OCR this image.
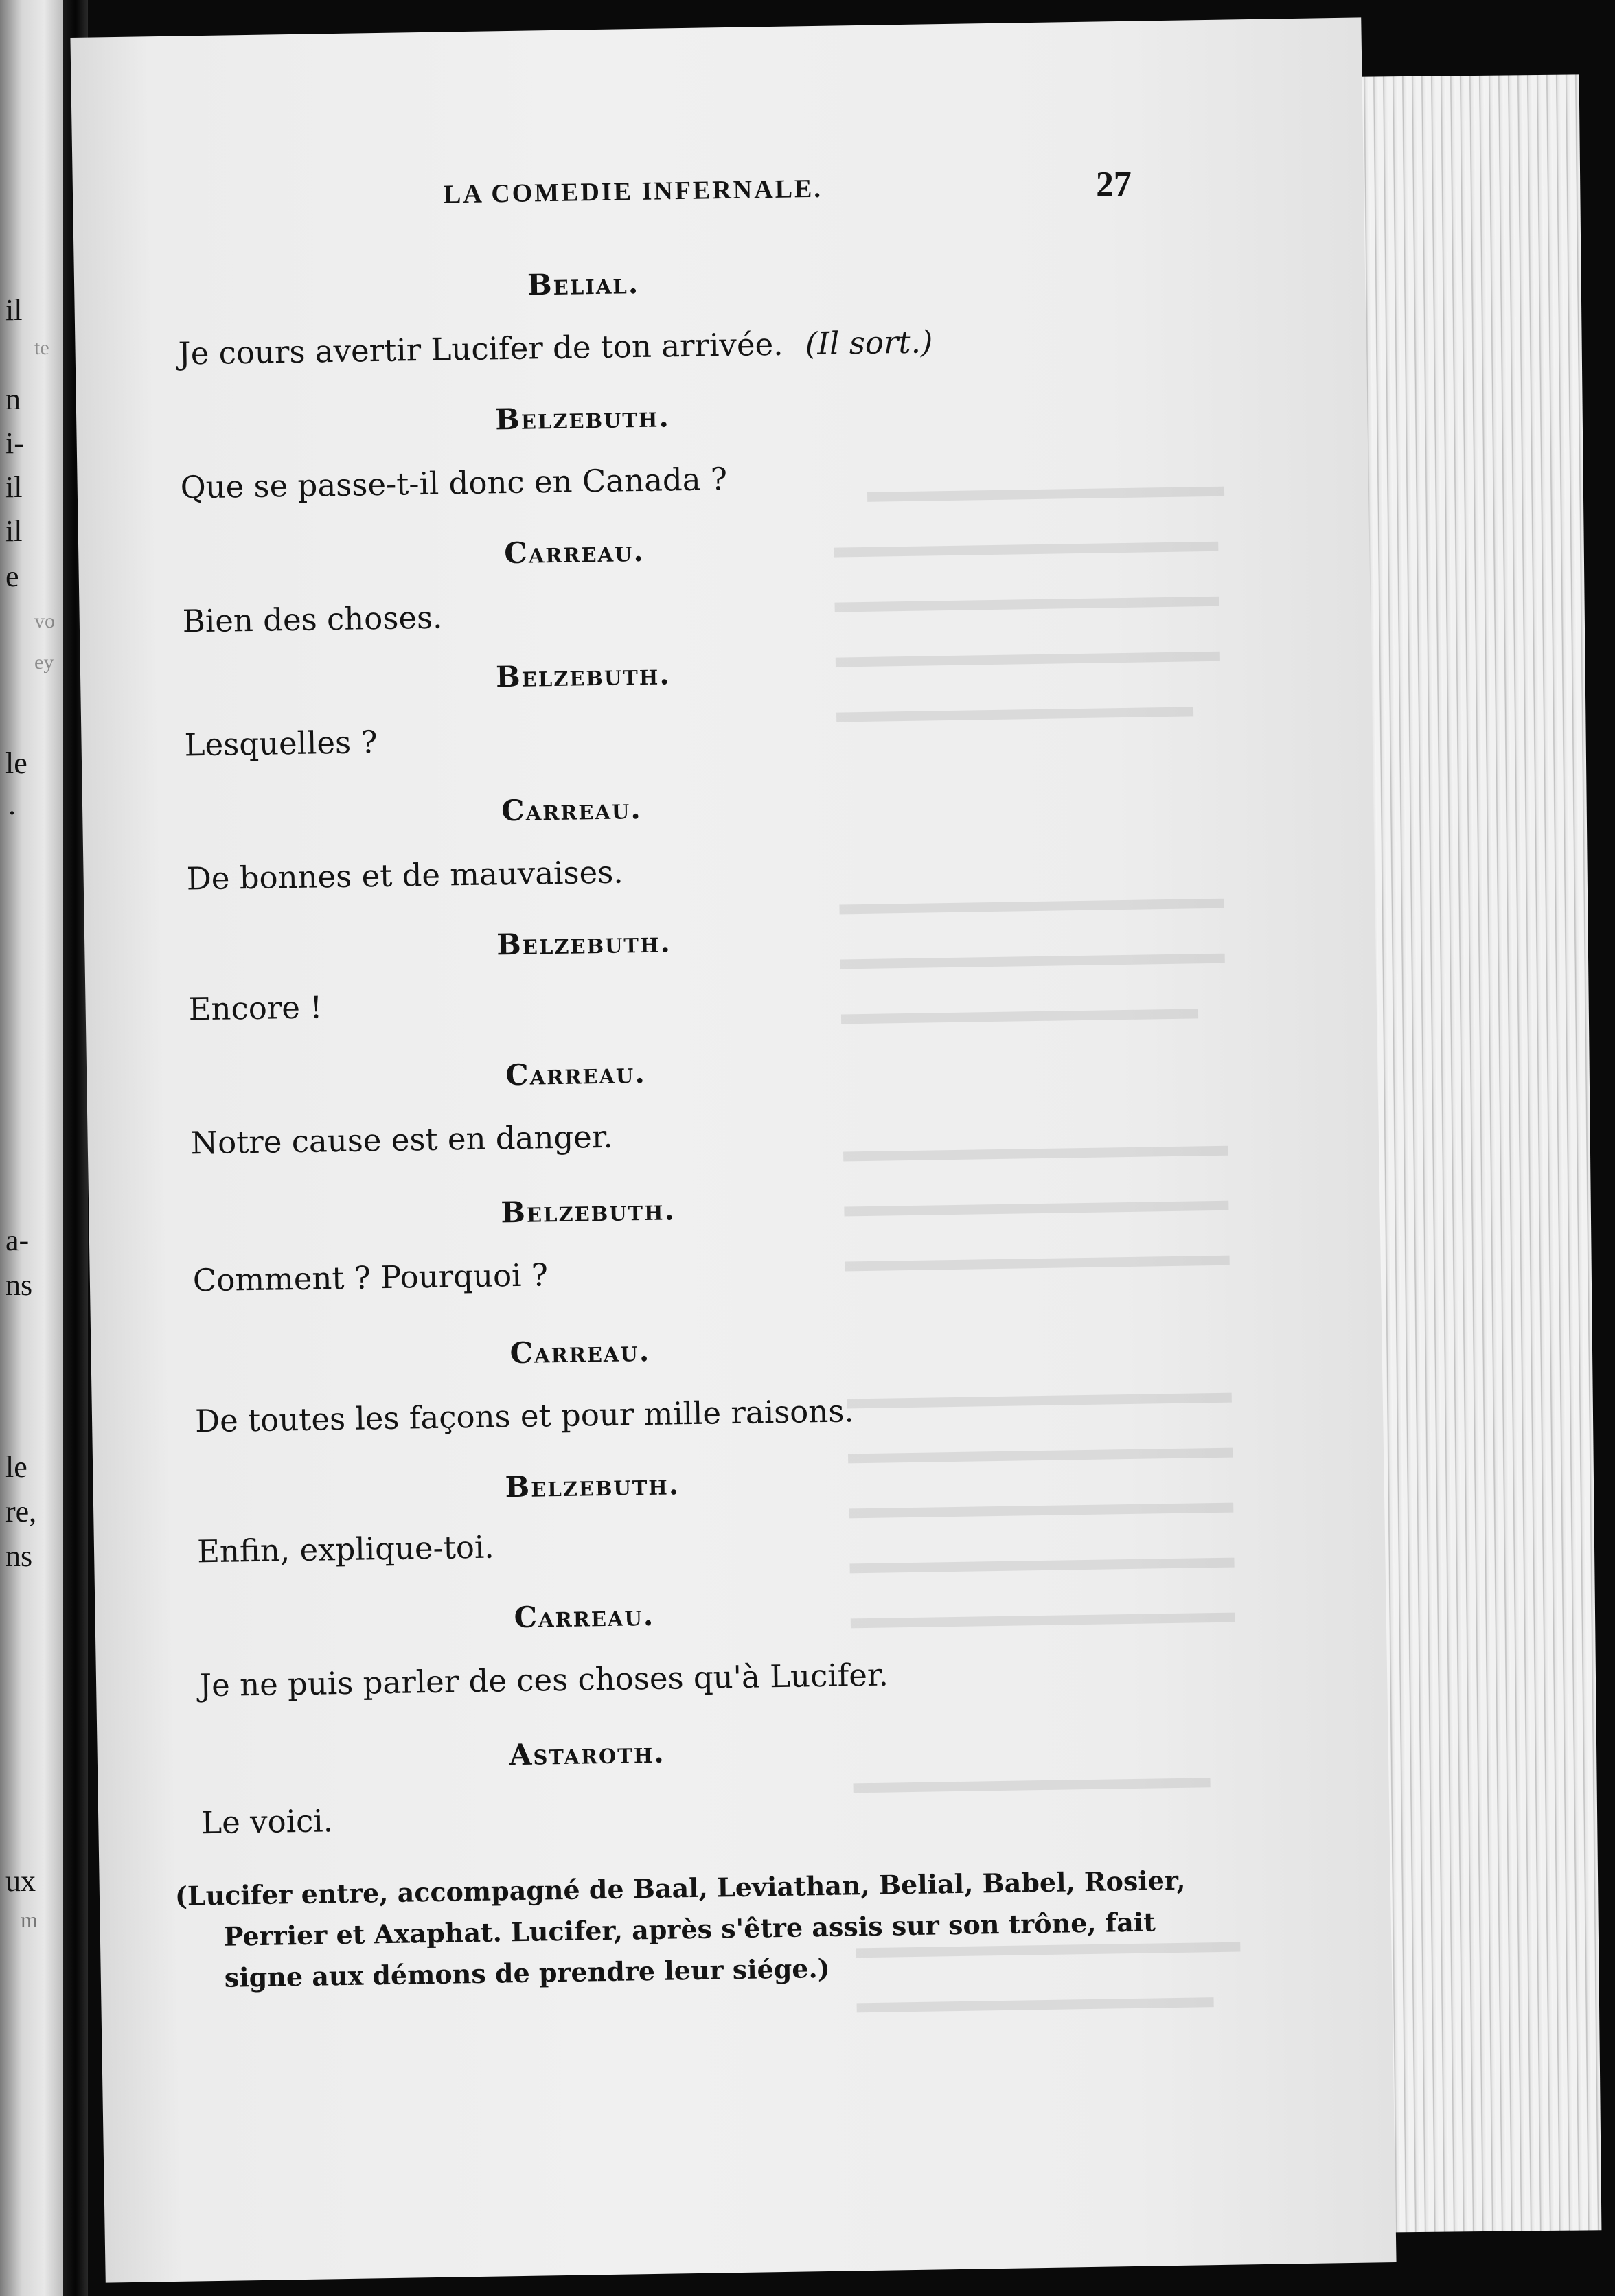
il
te
n
i-
il
il
e
vo
ey
le
.
a-
ns
le
re,
ns
ux
m
LA COMEDIE INFERNALE.	27
Belial.
Je cours avertir Lucifer de ton arrivée. (Il sort.)
Belzebuth.
Que se passe-t-il donc en Canada ?
Carreau.
Bien des choses.
Belzebuth.
Lesquelles ?
Carreau.
De bonnes et de mauvaises.
Belzebuth.
Encore !
Carreau.
Notre cause est en danger.
Belzebuth.
Comment ? Pourquoi ?
Carreau.
De toutes les façons et pour mille raisons.
Belzebuth.
Enfin, explique-toi.
Carreau.
Je ne puis parler de ces choses qu'à Lucifer.
Astaroth.
Le voici.
(Lucifer entre, accompagné de Baal, Leviathan, Belial, Babel, Rosier,
Perrier et Axaphat. Lucifer, après s'être assis sur son trône, fait
signe aux démons de prendre leur siége.)
